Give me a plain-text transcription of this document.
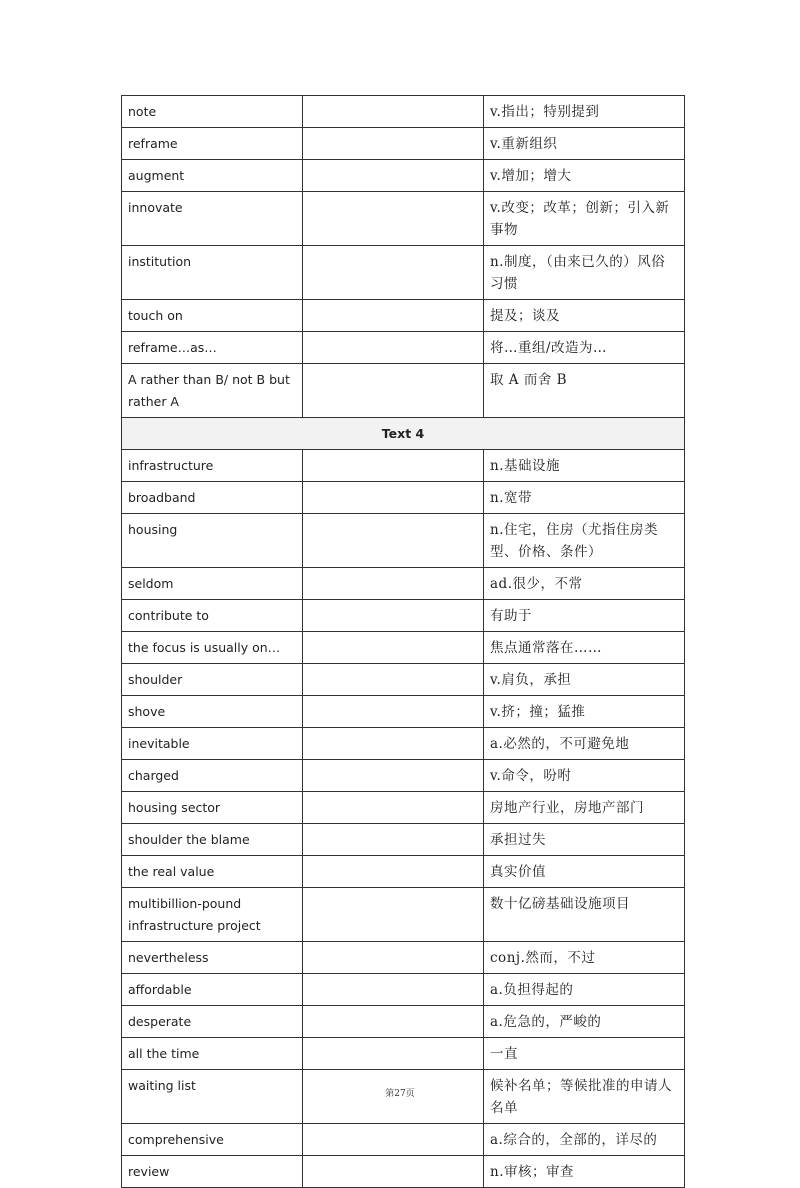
note		v.指出；特别提到
reframe		v.重新组织
augment		v.增加；增大
innovate		v.改变；改革；创新；引入新事物
institution		n.制度，（由来已久的）风俗习惯
touch on		提及；谈及
reframe…as…		将…重组/改造为…
A rather than B/ not B but rather A		取 A 而舍 B
Text 4		
infrastructure		n.基础设施
broadband		n.宽带
housing		n.住宅，住房（尤指住房类型、价格、条件）
seldom		ad.很少，不常
contribute to		有助于
the focus is usually on…		焦点通常落在……
shoulder		v.肩负，承担
shove		v.挤；撞；猛推
inevitable		a.必然的，不可避免地
charged		v.命令，吩咐
housing sector		房地产行业，房地产部门
shoulder the blame		承担过失
the real value		真实价值
multibillion-pound infrastructure project		数十亿磅基础设施项目
nevertheless		conj.然而，不过
affordable		a.负担得起的
desperate		a.危急的，严峻的
all the time		一直
waiting list		候补名单；等候批准的申请人名单
comprehensive		a.综合的，全部的，详尽的
review		n.审核；审查
第27页
